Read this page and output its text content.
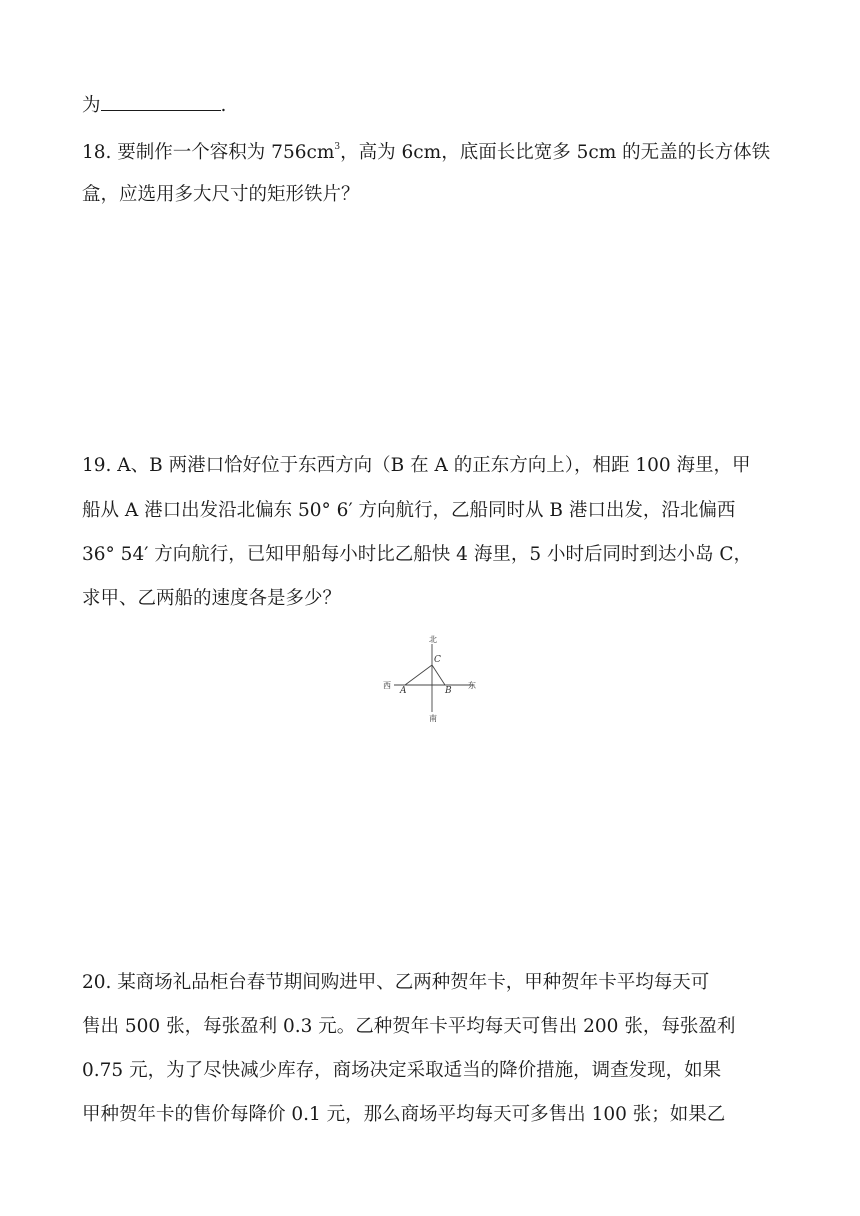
为	.
18. 要制作一个容积为 $756cm^3$，高为 6cm，底面长比宽多 5cm 的无盖的长方体铁
盒，应选用多大尺寸的矩形铁片？
19. A、B 两港口恰好位于东西方向（B 在 A 的正东方向上），相距 100 海里，甲
船从 A 港口出发沿北偏东 50° 6′ 方向航行，乙船同时从 B 港口出发，沿北偏西
36° 54′ 方向航行，已知甲船每小时比乙船快 4 海里，5 小时后同时到达小岛 C，
求甲、乙两船的速度各是多少？
北
南
西	东
A	B
C
20. 某商场礼品柜台春节期间购进甲、乙两种贺年卡，甲种贺年卡平均每天可
售出 500 张，每张盈利 0.3 元。乙种贺年卡平均每天可售出 200 张，每张盈利
0.75 元，为了尽快减少库存，商场决定采取适当的降价措施，调查发现，如果
甲种贺年卡的售价每降价 0.1 元，那么商场平均每天可多售出 100 张；如果乙
